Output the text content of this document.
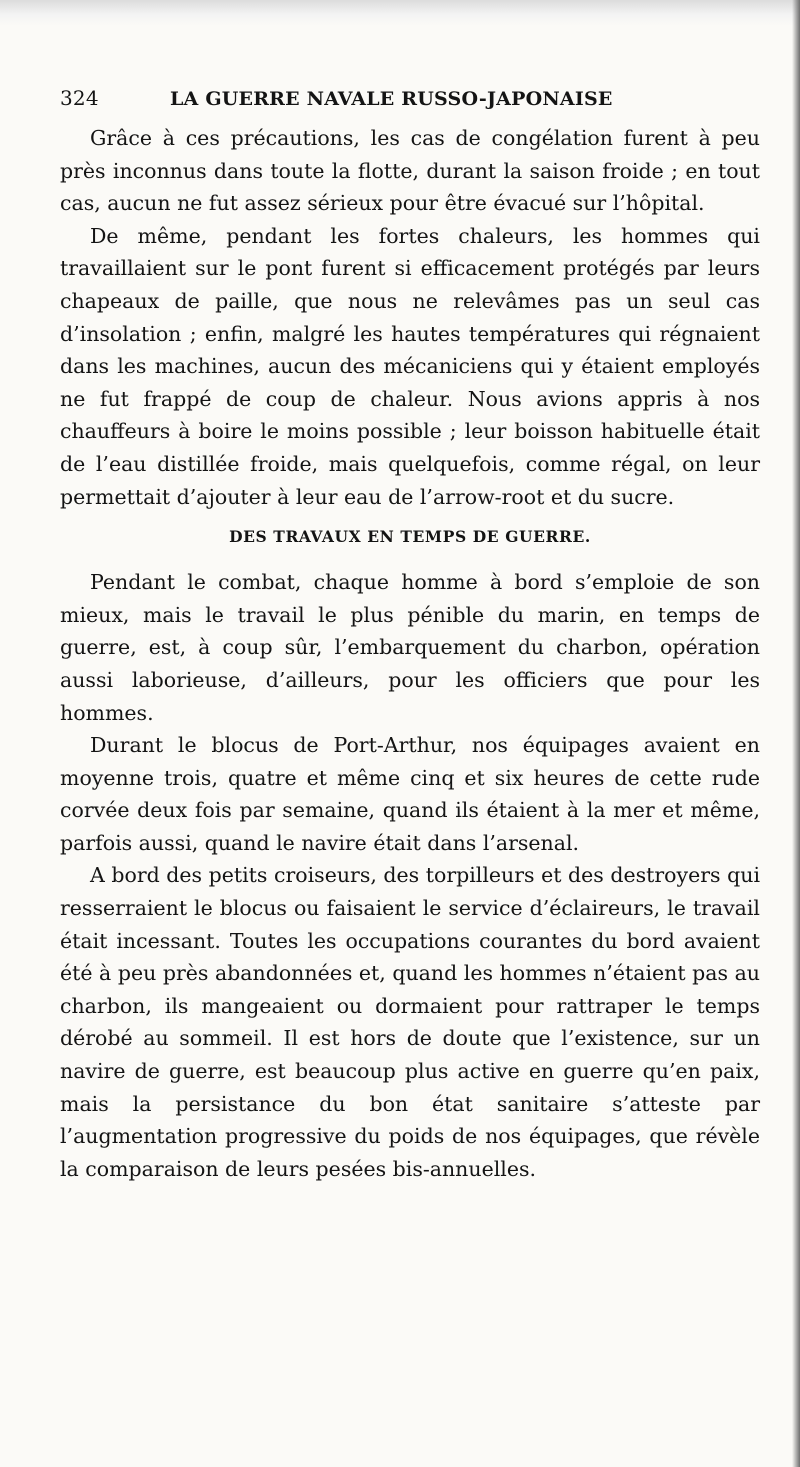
324	LA GUERRE NAVALE RUSSO-JAPONAISE

Grâce à ces précautions, les cas de congélation furent à peu près inconnus dans toute la flotte, durant la saison froide ; en tout cas, aucun ne fut assez sérieux pour être évacué sur l’hôpital.

De même, pendant les fortes chaleurs, les hommes qui travaillaient sur le pont furent si efficacement protégés par leurs chapeaux de paille, que nous ne relevâmes pas un seul cas d’insolation ; enfin, malgré les hautes températures qui régnaient dans les machines, aucun des mécaniciens qui y étaient employés ne fut frappé de coup de chaleur. Nous avions appris à nos chauffeurs à boire le moins possible ; leur boisson habituelle était de l’eau distillée froide, mais quelquefois, comme régal, on leur permettait d’ajouter à leur eau de l’arrow-root et du sucre.

DES TRAVAUX EN TEMPS DE GUERRE.

Pendant le combat, chaque homme à bord s’emploie de son mieux, mais le travail le plus pénible du marin, en temps de guerre, est, à coup sûr, l’embarquement du charbon, opération aussi laborieuse, d’ailleurs, pour les officiers que pour les hommes.

Durant le blocus de Port-Arthur, nos équipages avaient en moyenne trois, quatre et même cinq et six heures de cette rude corvée deux fois par semaine, quand ils étaient à la mer et même, parfois aussi, quand le navire était dans l’arsenal.

A bord des petits croiseurs, des torpilleurs et des destroyers qui resserraient le blocus ou faisaient le service d’éclaireurs, le travail était incessant. Toutes les occupations courantes du bord avaient été à peu près abandonnées et, quand les hommes n’étaient pas au charbon, ils mangeaient ou dormaient pour rattraper le temps dérobé au sommeil. Il est hors de doute que l’existence, sur un navire de guerre, est beaucoup plus active en guerre qu’en paix, mais la persistance du bon état sanitaire s’atteste par l’augmentation progressive du poids de nos équipages, que révèle la comparaison de leurs pesées bis-annuelles.
